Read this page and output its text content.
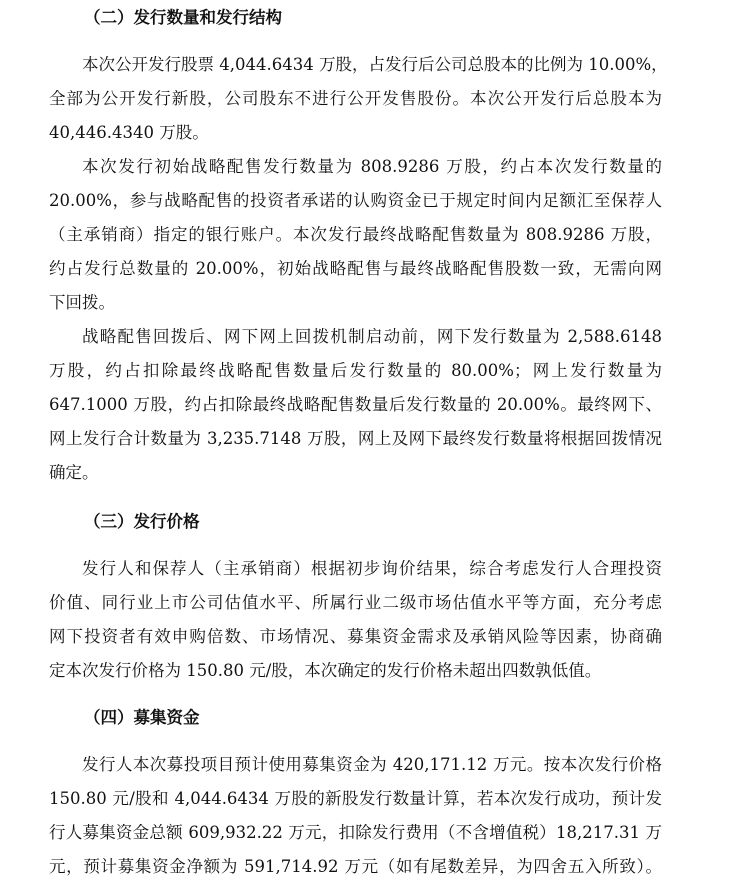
（二）发行数量和发行结构
本次公开发行股票 4,044.6434 万股，占发行后公司总股本的比例为 10.00%，
全部为公开发行新股，公司股东不进行公开发售股份。本次公开发行后总股本为
40,446.4340 万股。
本次发行初始战略配售发行数量为 808.9286 万股，约占本次发行数量的
20.00%，参与战略配售的投资者承诺的认购资金已于规定时间内足额汇至保荐人
（主承销商）指定的银行账户。本次发行最终战略配售数量为 808.9286 万股，
约占发行总数量的 20.00%，初始战略配售与最终战略配售股数一致，无需向网
下回拨。
战略配售回拨后、网下网上回拨机制启动前，网下发行数量为 2,588.6148
万股，约占扣除最终战略配售数量后发行数量的 80.00%；网上发行数量为
647.1000 万股，约占扣除最终战略配售数量后发行数量的 20.00%。最终网下、
网上发行合计数量为 3,235.7148 万股，网上及网下最终发行数量将根据回拨情况
确定。
（三）发行价格
发行人和保荐人（主承销商）根据初步询价结果，综合考虑发行人合理投资
价值、同行业上市公司估值水平、所属行业二级市场估值水平等方面，充分考虑
网下投资者有效申购倍数、市场情况、募集资金需求及承销风险等因素，协商确
定本次发行价格为 150.80 元/股，本次确定的发行价格未超出四数孰低值。
（四）募集资金
发行人本次募投项目预计使用募集资金为 420,171.12 万元。按本次发行价格
150.80 元/股和 4,044.6434 万股的新股发行数量计算，若本次发行成功，预计发
行人募集资金总额 609,932.22 万元，扣除发行费用（不含增值税）18,217.31 万
元，预计募集资金净额为 591,714.92 万元（如有尾数差异，为四舍五入所致）。
